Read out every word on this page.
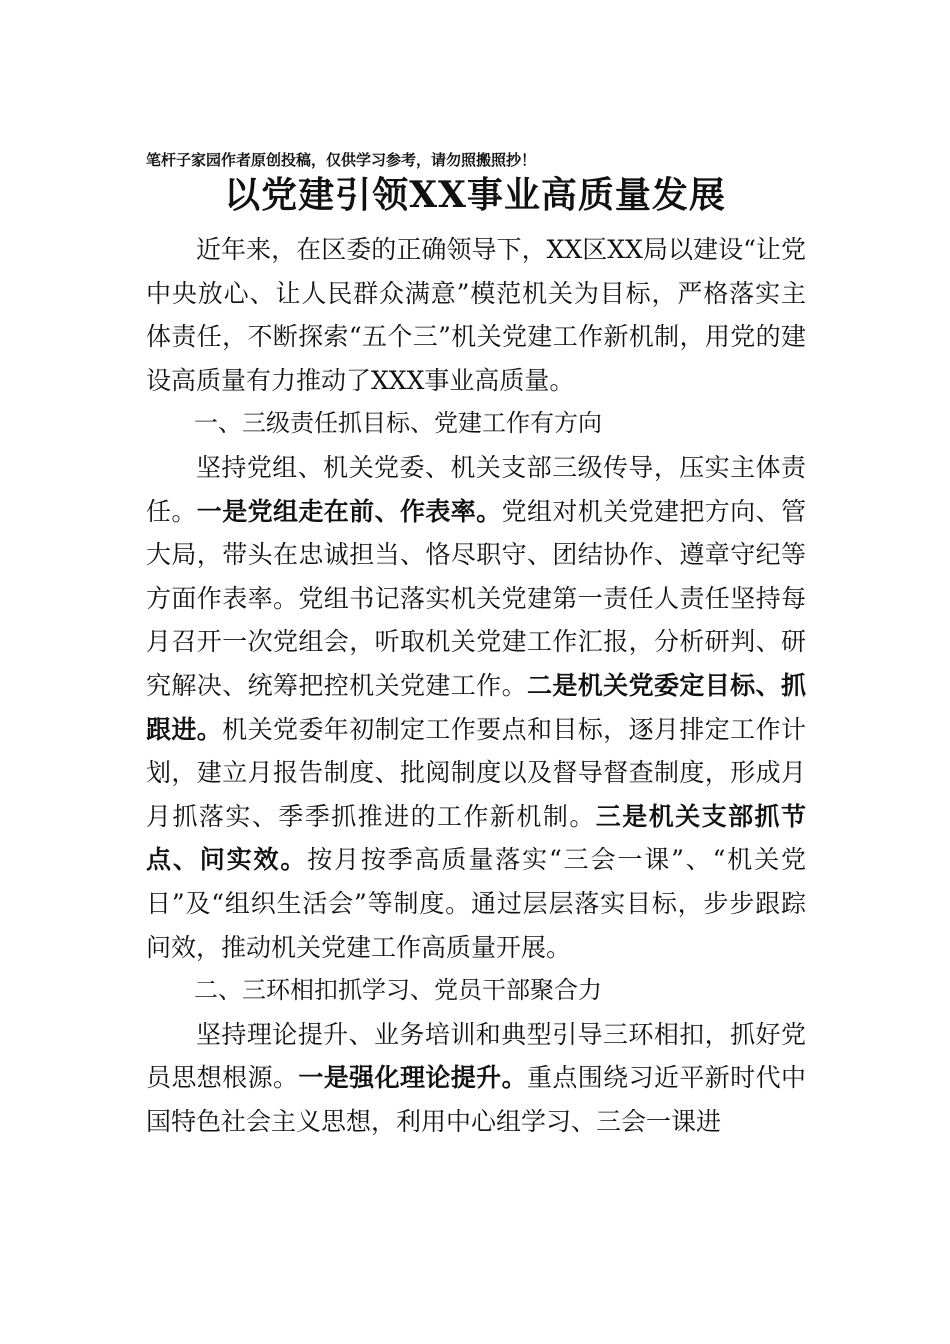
笔杆子家园作者原创投稿，仅供学习参考，请勿照搬照抄！
以党建引领XX事业高质量发展

近年来，在区委的正确领导下，XX区XX局以建设“让党中央放心、让人民群众满意”模范机关为目标，严格落实主体责任，不断探索“五个三”机关党建工作新机制，用党的建设高质量有力推动了XXX事业高质量。

一、三级责任抓目标、党建工作有方向

坚持党组、机关党委、机关支部三级传导，压实主体责任。一是党组走在前、作表率。党组对机关党建把方向、管大局，带头在忠诚担当、恪尽职守、团结协作、遵章守纪等方面作表率。党组书记落实机关党建第一责任人责任坚持每月召开一次党组会，听取机关党建工作汇报，分析研判、研究解决、统筹把控机关党建工作。二是机关党委定目标、抓跟进。机关党委年初制定工作要点和目标，逐月排定工作计划，建立月报告制度、批阅制度以及督导督查制度，形成月月抓落实、季季抓推进的工作新机制。三是机关支部抓节点、问实效。按月按季高质量落实“三会一课”、“机关党日”及“组织生活会”等制度。通过层层落实目标，步步跟踪问效，推动机关党建工作高质量开展。

二、三环相扣抓学习、党员干部聚合力

坚持理论提升、业务培训和典型引导三环相扣，抓好党员思想根源。一是强化理论提升。重点围绕习近平新时代中国特色社会主义思想，利用中心组学习、三会一课进
